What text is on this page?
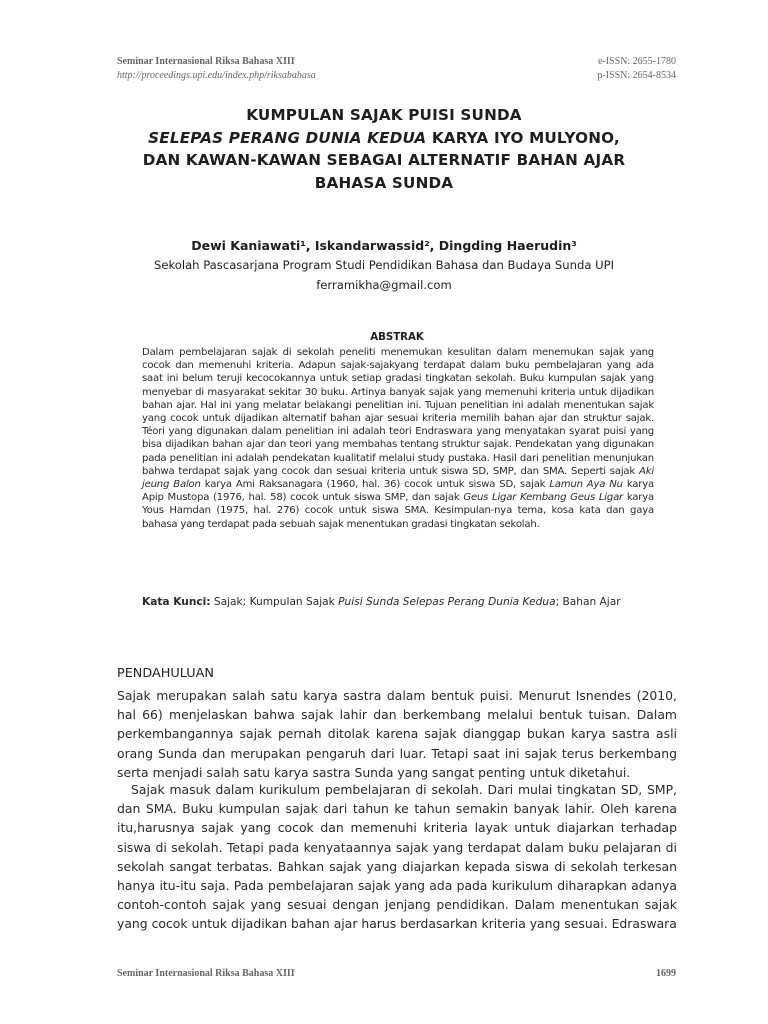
Seminar Internasional Riksa Bahasa XIII
http://proceedings.upi.edu/index.php/riksabahasa
e-ISSN: 2655-1780
p-ISSN: 2654-8534
KUMPULAN SAJAK PUISI SUNDA
SELEPAS PERANG DUNIA KEDUA KARYA IYO MULYONO,
DAN KAWAN-KAWAN SEBAGAI ALTERNATIF BAHAN AJAR
BAHASA SUNDA
Dewi Kaniawati¹, Iskandarwassid², Dingding Haerudin³
Sekolah Pascasarjana Program Studi Pendidikan Bahasa dan Budaya Sunda UPI
ferramikha@gmail.com
ABSTRAK
Dalam pembelajaran sajak di sekolah peneliti menemukan kesulitan dalam menemukan sajak yang cocok dan memenuhi kriteria. Adapun sajak-sajakyang terdapat dalam buku pembelajaran yang ada saat ini belum teruji kecocokannya untuk setiap gradasi tingkatan sekolah. Buku kumpulan sajak yang menyebar di masyarakat sekitar 30 buku. Artinya banyak sajak yang memenuhi kriteria untuk dijadikan bahan ajar. Hal ini yang melatar belakangi penelitian ini. Tujuan penelitian ini adalah menentukan sajak yang cocok untuk dijadikan alternatif bahan ajar sesuai kriteria memilih bahan ajar dan struktur sajak. Téori yang digunakan dalam penelitian ini adalah teori Endraswara yang menyatakan syarat puisi yang bisa dijadikan bahan ajar dan teori yang membahas tentang struktur sajak. Pendekatan yang digunakan pada penelitian ini adalah pendekatan kualitatif melalui study pustaka. Hasil dari penelitian menunjukan bahwa terdapat sajak yang cocok dan sesuai kriteria untuk siswa SD, SMP, dan SMA. Seperti sajak Aki jeung Balon karya Ami Raksanagara (1960, hal. 36) cocok untuk siswa SD, sajak Lamun Aya Nu karya Apip Mustopa (1976, hal. 58) cocok untuk siswa SMP, dan sajak Geus Ligar Kembang Geus Ligar karya Yous Hamdan (1975, hal. 276) cocok untuk siswa SMA. Kesimpulan-nya tema, kosa kata dan gaya bahasa yang terdapat pada sebuah sajak menentukan gradasi tingkatan sekolah.
Kata Kunci: Sajak; Kumpulan Sajak Puisi Sunda Selepas Perang Dunia Kedua; Bahan Ajar
PENDAHULUAN

Sajak merupakan salah satu karya sastra dalam bentuk puisi. Menurut Isnendes (2010, hal 66) menjelaskan bahwa sajak lahir dan berkembang melalui bentuk tuisan. Dalam perkembangannya sajak pernah ditolak karena sajak dianggap bukan karya sastra asli orang Sunda dan merupakan pengaruh dari luar. Tetapi saat ini sajak terus berkembang serta menjadi salah satu karya sastra Sunda yang sangat penting untuk diketahui.

Sajak masuk dalam kurikulum pembelajaran di sekolah. Dari mulai tingkatan SD, SMP, dan SMA. Buku kumpulan sajak dari tahun ke tahun semakin banyak lahir. Oleh karena itu,harusnya sajak yang cocok dan memenuhi kriteria layak untuk diajarkan terhadap siswa di sekolah. Tetapi pada kenyataannya sajak yang terdapat dalam buku pelajaran di sekolah sangat terbatas. Bahkan sajak yang diajarkan kepada siswa di sekolah terkesan hanya itu-itu saja. Pada pembelajaran sajak yang ada pada kurikulum diharapkan adanya contoh-contoh sajak yang sesuai dengan jenjang pendidikan. Dalam menentukan sajak yang cocok untuk dijadikan bahan ajar harus berdasarkan kriteria yang sesuai. Edraswara

Seminar Internasional Riksa Bahasa XIII	1699
